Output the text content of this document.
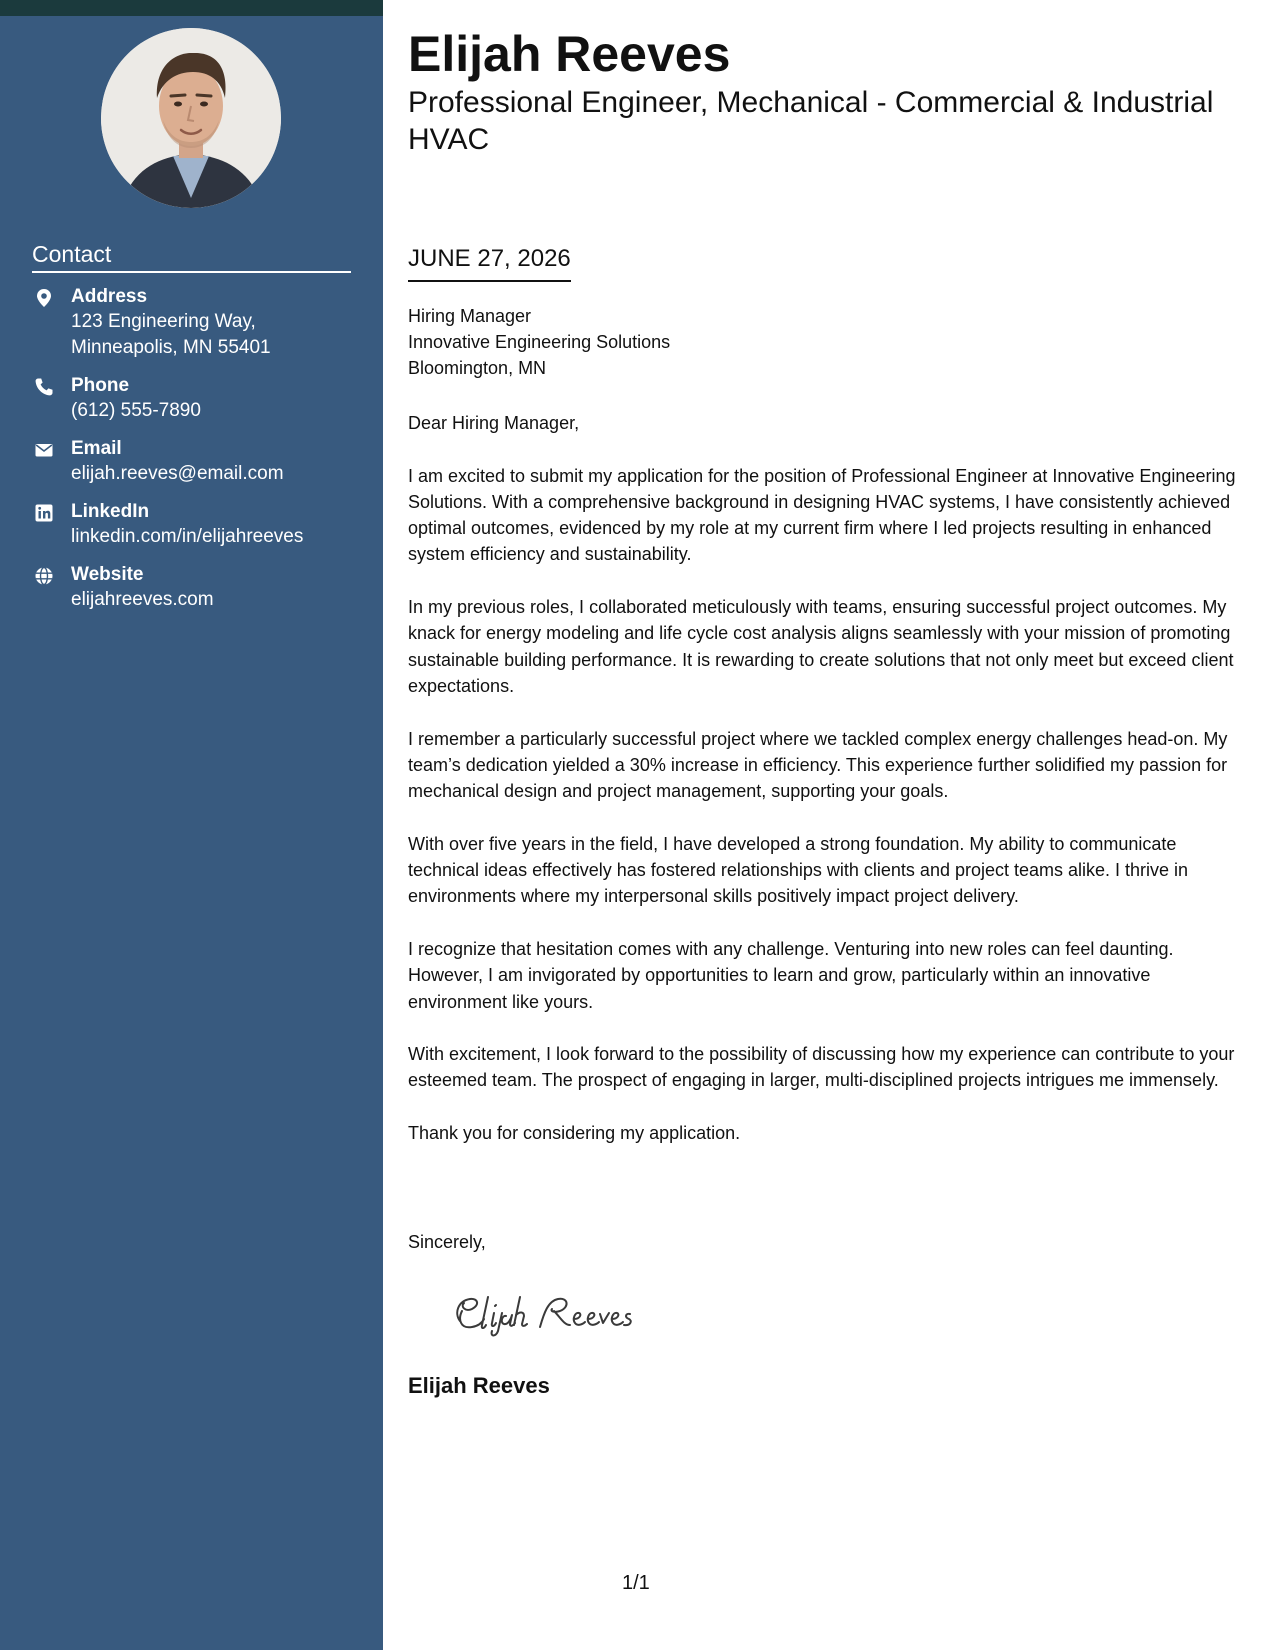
Contact
Address
123 Engineering Way,
Minneapolis, MN 55401
Phone
(612) 555-7890
Email
elijah.reeves@email.com
LinkedIn
linkedin.com/in/elijahreeves
Website
elijahreeves.com
Elijah Reeves
Professional Engineer, Mechanical - Commercial & Industrial HVAC
JUNE 27, 2026
Hiring Manager
Innovative Engineering Solutions
Bloomington, MN

Dear Hiring Manager,

I am excited to submit my application for the position of Professional Engineer at Innovative Engineering Solutions. With a comprehensive background in designing HVAC systems, I have consistently achieved optimal outcomes, evidenced by my role at my current firm where I led projects resulting in enhanced system efficiency and sustainability.

In my previous roles, I collaborated meticulously with teams, ensuring successful project outcomes. My knack for energy modeling and life cycle cost analysis aligns seamlessly with your mission of promoting sustainable building performance. It is rewarding to create solutions that not only meet but exceed client expectations.

I remember a particularly successful project where we tackled complex energy challenges head-on. My team’s dedication yielded a 30% increase in efficiency. This experience further solidified my passion for mechanical design and project management, supporting your goals.

With over five years in the field, I have developed a strong foundation. My ability to communicate technical ideas effectively has fostered relationships with clients and project teams alike. I thrive in environments where my interpersonal skills positively impact project delivery.

I recognize that hesitation comes with any challenge. Venturing into new roles can feel daunting. However, I am invigorated by opportunities to learn and grow, particularly within an innovative environment like yours.

With excitement, I look forward to the possibility of discussing how my experience can contribute to your esteemed team. The prospect of engaging in larger, multi-disciplined projects intrigues me immensely.

Thank you for considering my application.

Sincerely,
Elijah Reeves
1/1
